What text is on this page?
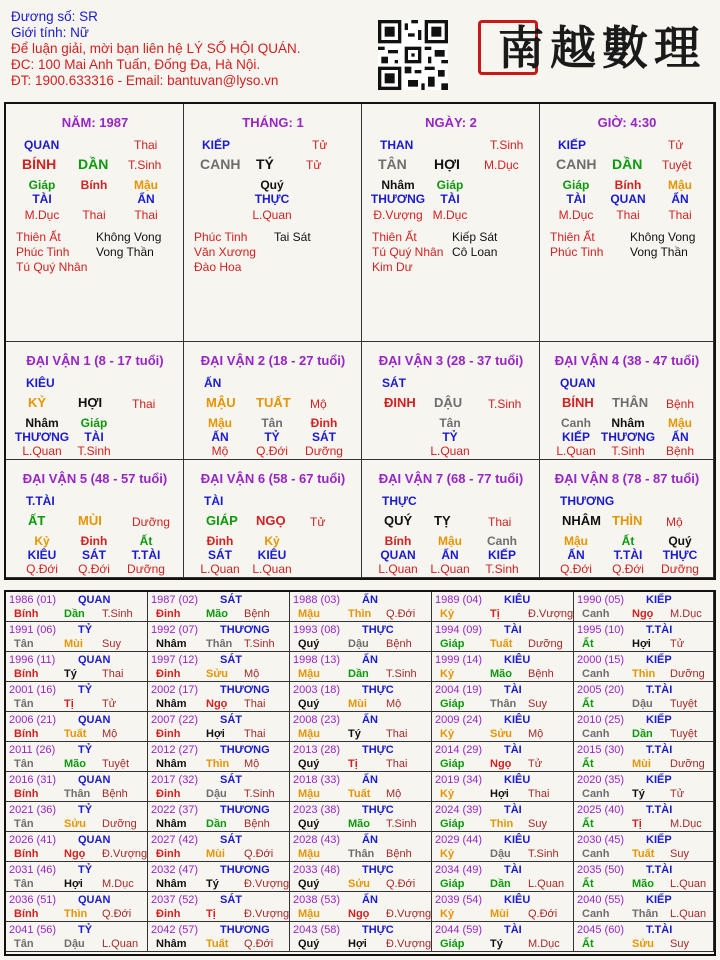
Đương số: SR
Giới tính: Nữ
Để luận giải, mời bạn liên hệ LÝ SỐ HỘI QUÁN.
ĐC: 100 Mai Anh Tuấn, Đống Đa, Hà Nội.
ĐT: 1900.633316 - Email: bantuvan@lyso.vn
南越數理
NĂM: 1987
QUAN	Thai
BÍNH DẦN T.Sinh
Giáp
TÀI
M.Dục
Bính
Thai
Mậu
ẨN
Thai
Thiên Ất
Phúc Tinh
Tú Quý Nhân
Không Vong
Vong Thần
THÁNG: 1
KIẾP	Tử
CANH TÝ	Tử
Quý
THỰC
L.Quan
Phúc Tinh
Văn Xương
Đào Hoa
Tai Sát
NGÀY: 2
THAN	T.Sinh
TÂN HỢI M.Dục
Nhâm
THƯƠNG
Đ.Vượng
Giáp
TÀI
M.Dục
Thiên Ất
Tú Quý Nhân
Kim Dư
Kiếp Sát
Cô Loan
GIỜ: 4:30
KIẾP	Tử
CANH DẦN Tuyệt
Giáp
TÀI
M.Dục
Bính
QUAN
Thai
Mậu
ẨN
Thai
Thiên Ất
Phúc Tinh
Không Vong
Vong Thần
ĐẠI VẬN 1 (8 - 17 tuổi)
KIÊU
KỶ HỢI Thai
Nhâm
THƯƠNG
L.Quan
Giáp
TÀI
T.Sinh
ĐẠI VẬN 2 (18 - 27 tuổi)
ẤN
MẬU TUẤT Mộ
Mậu
ẤN
Mộ
Tân
TỶ
Q.Đới
Đinh
SÁT
Dưỡng
ĐẠI VẬN 3 (28 - 37 tuổi)
SÁT
ĐINH DẬU T.Sinh
Tân
TỶ
L.Quan
ĐẠI VẬN 4 (38 - 47 tuổi)
QUAN
BÍNH THÂN Bệnh
Canh
KIẾP
L.Quan
Nhâm
THƯƠNG
T.Sinh
Mậu
ẤN
Bệnh
ĐẠI VẬN 5 (48 - 57 tuổi)
T.TÀI
ẤT	MÙI	Dưỡng
Kỷ
KIÊU
Q.Đới
Đinh
SÁT
Q.Đới
Ất
T.TÀI
Dưỡng
ĐẠI VẬN 6 (58 - 67 tuổi)
TÀI
GIÁP NGỌ Tử
Đinh
SÁT
L.Quan
Kỷ
KIÊU
L.Quan
ĐẠI VẬN 7 (68 - 77 tuổi)
THỰC
QUÝ TỴ	Thai
Bính
QUAN
L.Quan
Mậu
ẤN
L.Quan
Canh
KIẾP
T.Sinh
ĐẠI VẬN 8 (78 - 87 tuổi)
THƯƠNG
NHÂM THÌN Mộ
Mậu
ẤN
Q.Đới
Ất
T.TÀI
Q.Đới
Quý
THỰC
Dưỡng
1986 (01) QUAN
Bính Dần T.Sinh
1987 (02) SÁT
Đinh Mão Bệnh
1988 (03) ẤN
Mậu	Thìn Q.Đới
1989 (04) KIÊU
Kỷ	Tị	Đ.Vượng
1990 (05) KIẾP
Canh Ngọ M.Dục
1991 (06) TỶ
Tân	Mùi Suy
1992 (07) THƯƠNG
Nhâm Thân T.Sinh
1993 (08) THỰC
Quý	Dậu Bệnh
1994 (09) TÀI
Giáp Tuất Dưỡng
1995 (10) T.TÀI
Ất	Hợi Tử
1996 (11) QUAN
Bính Tý Thai
1997 (12) SÁT
Đinh Sửu Mộ
1998 (13) ẤN
Mậu	Dần T.Sinh
1999 (14) KIÊU
Kỷ	Mão Bệnh
2000 (15) KIẾP
Canh Thìn Dưỡng
2001 (16) TỶ
Tân	Tị	Tử
2002 (17) THƯƠNG
Nhâm Ngọ Thai
2003 (18) THỰC
Quý	Mùi Mộ
2004 (19) TÀI
Giáp Thân Suy
2005 (20) T.TÀI
Ất	Dậu Tuyệt
2006 (21) QUAN
Bính Tuất Mộ
2007 (22) SÁT
Đinh Hợi Thai
2008 (23) ẤN
Mậu	Tý Thai
2009 (24) KIÊU
Kỷ	Sửu Mộ
2010 (25) KIẾP
Canh Dần Tuyệt
2011 (26) TỶ
Tân	Mão Tuyệt
2012 (27) THƯƠNG
Nhâm Thìn Mộ
2013 (28) THỰC
Quý	Tị	Thai
2014 (29) TÀI
Giáp Ngọ Tử
2015 (30) T.TÀI
Ất	Mùi Dưỡng
2016 (31) QUAN
Bính Thân Bệnh
2017 (32) SÁT
Đinh Dậu T.Sinh
2018 (33) ẤN
Mậu	Tuất Mộ
2019 (34) KIÊU
Kỷ	Hợi Thai
2020 (35) KIẾP
Canh Tý Tử
2021 (36) TỶ
Tân	Sửu Dưỡng
2022 (37) THƯƠNG
Nhâm Dần Bệnh
2023 (38) THỰC
Quý	Mão T.Sinh
2024 (39) TÀI
Giáp Thìn Suy
2025 (40) T.TÀI
Ất	Tị	M.Dục
2026 (41) QUAN
Bính Ngọ Đ.Vượng
2027 (42) SÁT
Đinh Mùi Q.Đới
2028 (43) ẤN
Mậu	Thân Bệnh
2029 (44) KIÊU
Kỷ	Dậu T.Sinh
2030 (45) KIẾP
Canh Tuất Suy
2031 (46) TỶ
Tân	Hợi M.Dục
2032 (47) THƯƠNG
Nhâm Tý Đ.Vượng
2033 (48) THỰC
Quý	Sửu Q.Đới
2034 (49) TÀI
Giáp Dần L.Quan
2035 (50) T.TÀI
Ất	Mão L.Quan
2036 (51) QUAN
Bính Thìn Q.Đới
2037 (52) SÁT
Đinh Tị	Đ.Vượng
2038 (53) ẤN
Mậu	Ngọ Đ.Vượng
2039 (54) KIÊU
Kỷ	Mùi Q.Đới
2040 (55) KIẾP
Canh Thân L.Quan
2041 (56) TỶ
Tân	Dậu L.Quan
2042 (57) THƯƠNG
Nhâm Tuất Q.Đới
2043 (58) THỰC
Quý	Hợi Đ.Vượng
2044 (59) TÀI
Giáp Tý M.Dục
2045 (60) T.TÀI
Ất	Sửu Suy
